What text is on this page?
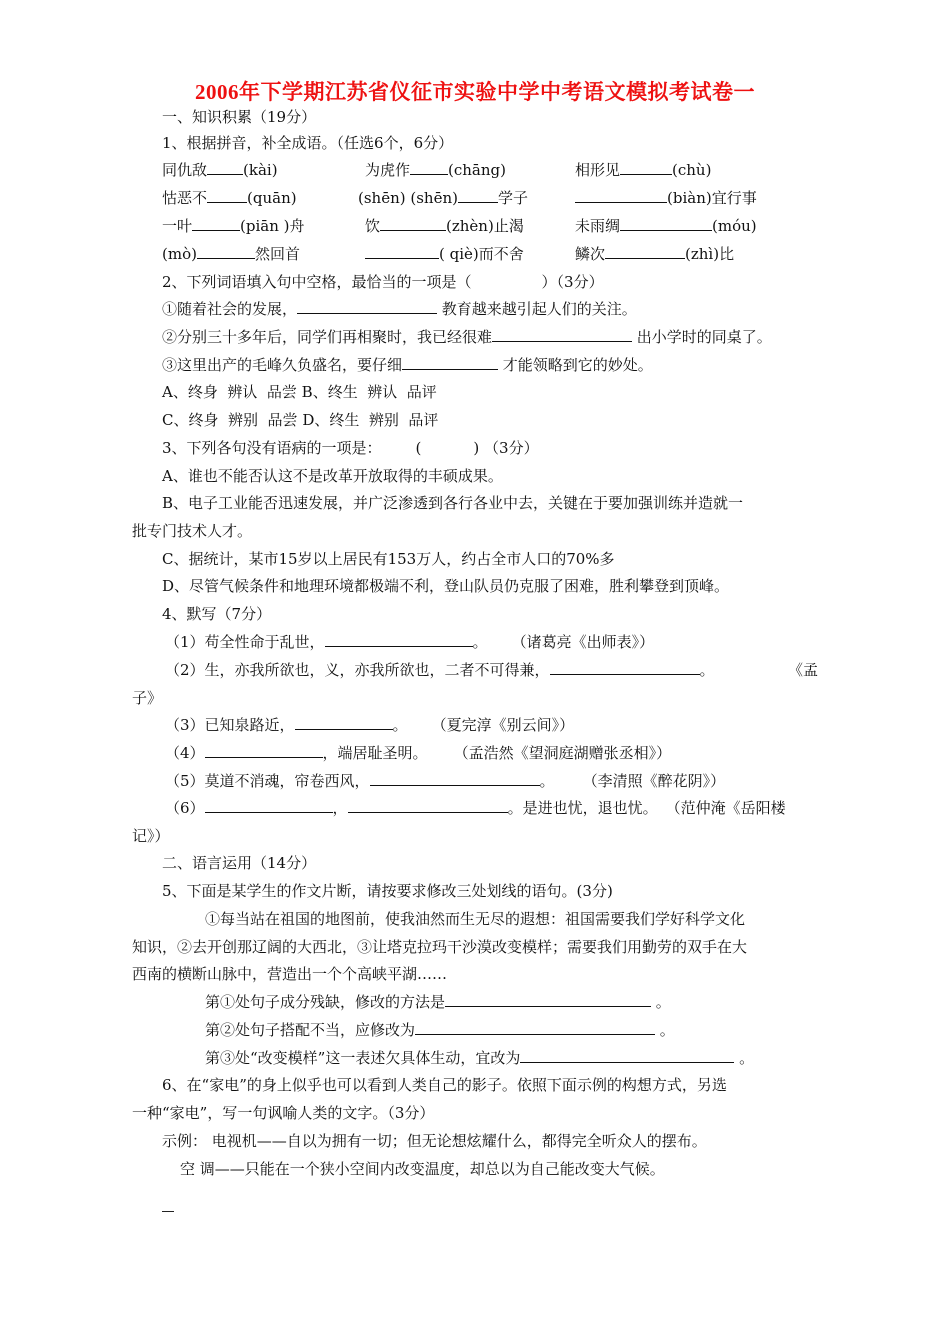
2006年下学期江苏省仪征市实验中学中考语文模拟考试卷一
一、知识积累（19分）
1、根据拼音，补全成语。（任选6个，6分）
同仇敌 (kài)	为虎作	(chāng)	相形见	(chù)
怙恶不	(quān)	(shēn) (shēn)	学子	(biàn)宜行事
一叶	(piān )舟	饮	(zhèn)止渴	未雨绸	(móu)
(mò)	然回首	( qiè)而不舍	鳞次	(zhì)比
2、下列词语填入句中空格，最恰当的一项是（	）（3分）
①随着社会的发展，	教育越来越引起人们的关注。
②分别三十多年后，同学们再相聚时，我已经很难	出小学时的同桌了。
③这里出产的毛峰久负盛名，要仔细	才能领略到它的妙处。
A、终身  辨认  品尝 B、终生  辨认  品评
C、终身  辨别  品尝 D、终生  辨别  品评
3、下列各句没有语病的一项是： (	) （3分）
A、谁也不能否认这不是改革开放取得的丰硕成果。
B、电子工业能否迅速发展，并广泛渗透到各行各业中去，关键在于要加强训练并造就一
批专门技术人才。
C、据统计，某市15岁以上居民有153万人，约占全市人口的70%多
D、尽管气候条件和地理环境都极端不利，登山队员仍克服了困难，胜利攀登到顶峰。
4、默写（7分）
（1）苟全性命于乱世，	。 （诸葛亮《出师表》）
（2）生，亦我所欲也，义，亦我所欲也，二者不可得兼，	。	《孟
子》
（3）已知泉路近，	。 （夏完淳《别云间》）
（4）	，端居耻圣明。 （孟浩然《望洞庭湖赠张丞相》）
（5）莫道不消魂，帘卷西风，	。 （李清照《醉花阴》）
（6）	，	。是进也忧，退也忧。 （范仲淹《岳阳楼
记》）
二、语言运用（14分）
5、下面是某学生的作文片断，请按要求修改三处划线的语句。(3分)
①每当站在祖国的地图前，使我油然而生无尽的遐想：祖国需要我们学好科学文化
知识，②去开创那辽阔的大西北，③让塔克拉玛干沙漠改变模样；需要我们用勤劳的双手在大
西南的横断山脉中，营造出一个个高峡平湖……
第①处句子成分残缺，修改的方法是	。
第②处句子搭配不当，应修改为	。
第③处“改变模样”这一表述欠具体生动，宜改为	。
6、在“家电”的身上似乎也可以看到人类自己的影子。依照下面示例的构想方式，另选
一种“家电”，写一句讽喻人类的文字。（3分）
示例： 电视机——自以为拥有一切；但无论想炫耀什么，都得完全听众人的摆布。
空 调——只能在一个狭小空间内改变温度，却总以为自己能改变大气候。
